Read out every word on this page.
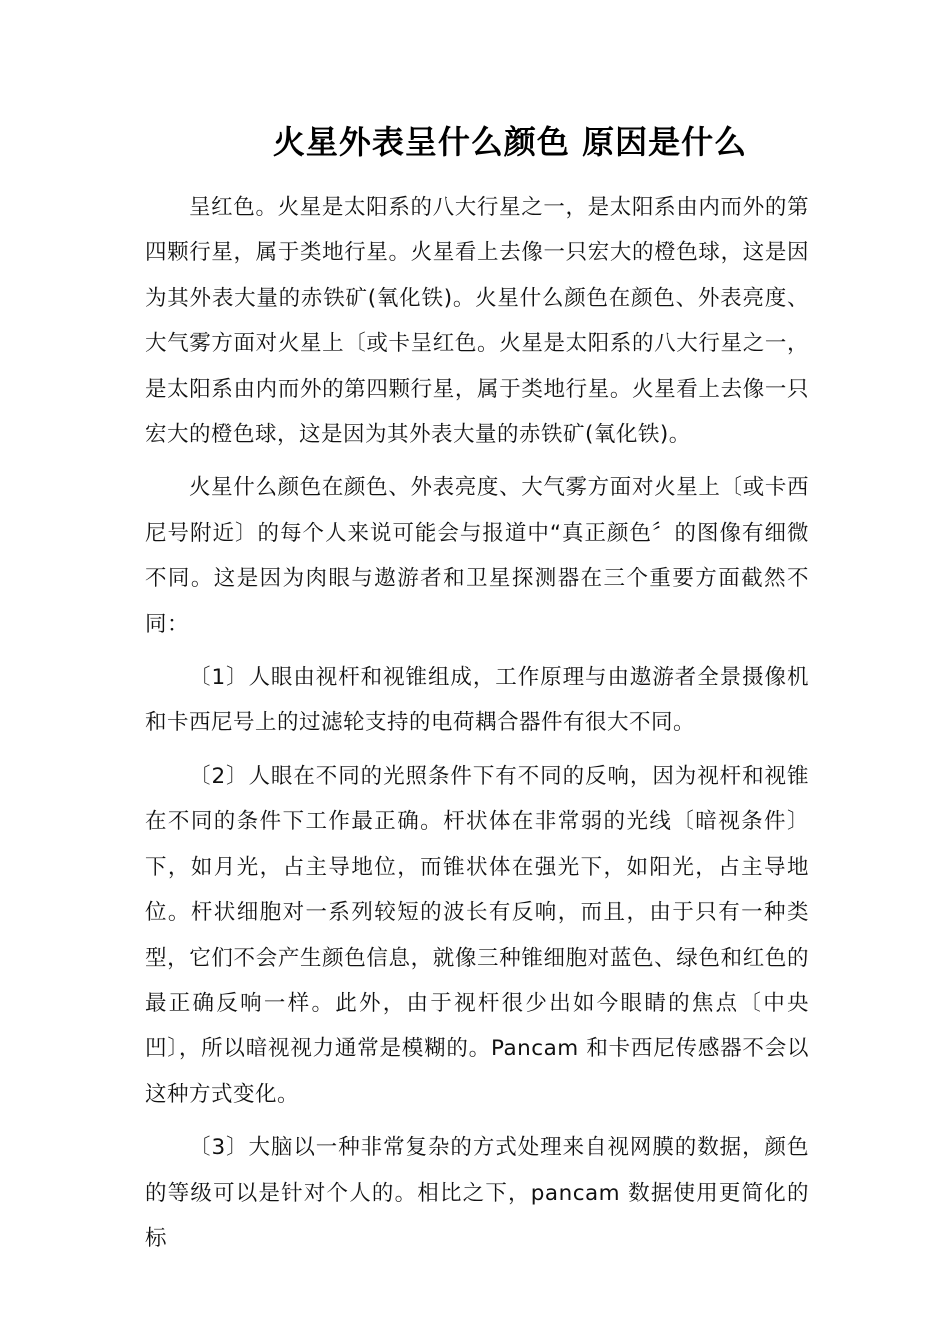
火星外表呈什么颜色 原因是什么

呈红色。火星是太阳系的八大行星之一，是太阳系由内而外的第四颗行星，属于类地行星。火星看上去像一只宏大的橙色球，这是因为其外表大量的赤铁矿(氧化铁)。火星什么颜色在颜色、外表亮度、大气雾方面对火星上〔或卡呈红色。火星是太阳系的八大行星之一，是太阳系由内而外的第四颗行星，属于类地行星。火星看上去像一只宏大的橙色球，这是因为其外表大量的赤铁矿(氧化铁)。

火星什么颜色在颜色、外表亮度、大气雾方面对火星上〔或卡西尼号附近〕的每个人来说可能会与报道中“真正颜色〞的图像有细微不同。这是因为肉眼与遨游者和卫星探测器在三个重要方面截然不同：

〔1〕人眼由视杆和视锥组成，工作原理与由遨游者全景摄像机和卡西尼号上的过滤轮支持的电荷耦合器件有很大不同。

〔2〕人眼在不同的光照条件下有不同的反响，因为视杆和视锥在不同的条件下工作最正确。杆状体在非常弱的光线〔暗视条件〕下，如月光，占主导地位，而锥状体在强光下，如阳光，占主导地位。杆状细胞对一系列较短的波长有反响，而且，由于只有一种类型，它们不会产生颜色信息，就像三种锥细胞对蓝色、绿色和红色的最正确反响一样。此外，由于视杆很少出如今眼睛的焦点〔中央凹〕，所以暗视视力通常是模糊的。Pancam 和卡西尼传感器不会以这种方式变化。

〔3〕大脑以一种非常复杂的方式处理来自视网膜的数据，颜色的等级可以是针对个人的。相比之下，pancam 数据使用更简化的标
